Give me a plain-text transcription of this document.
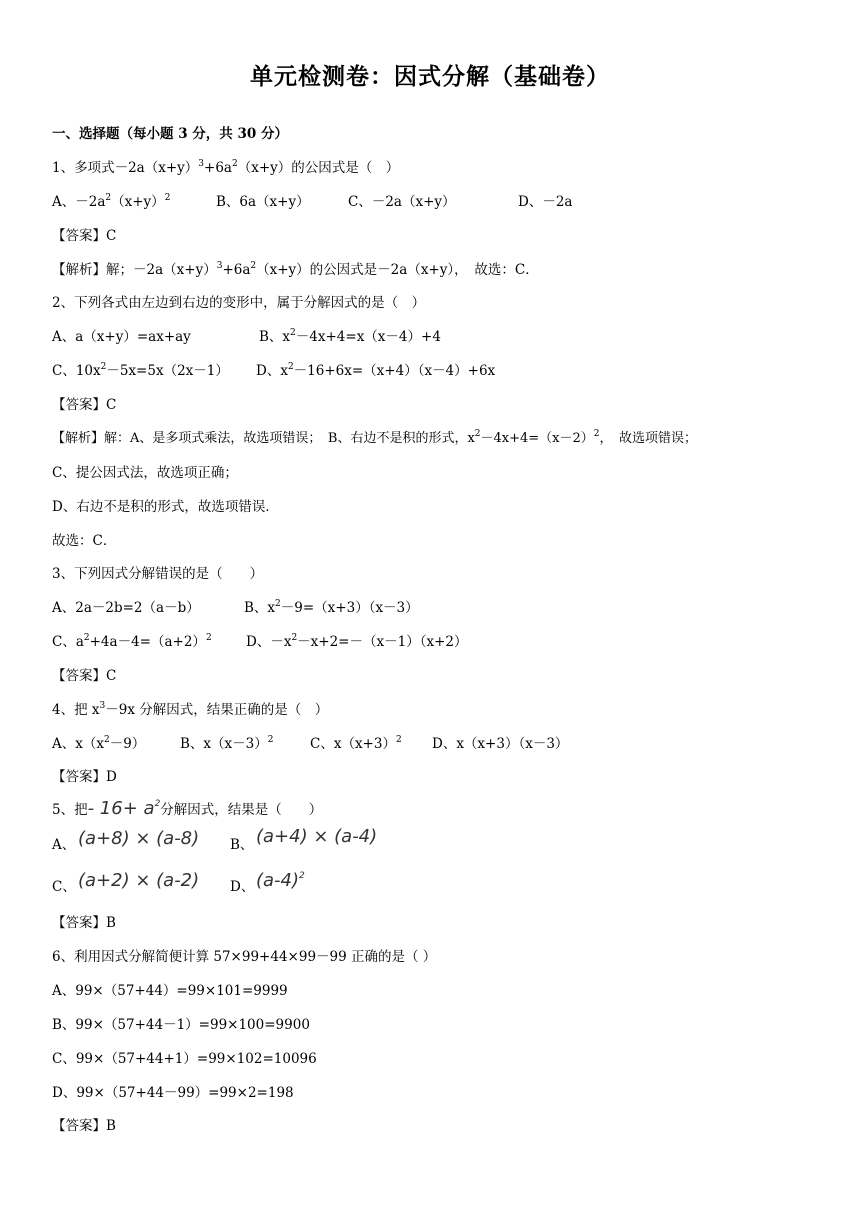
单元检测卷：因式分解（基础卷）
一、选择题（每小题 3 分，共 30 分）
1、多项式$-2a(x+y)^3+6a^2(x+y)$的公因式是（　）
A、$-2a^2(x+y)^2$	B、6a（x+y）	C、－2a（x+y）	D、－2a
【答案】C
【解析】解；$-2a(x+y)^3+6a^2(x+y)$的公因式是－2a（x+y），　故选：C．
2、下列各式由左边到右边的变形中，属于分解因式的是（　）
A、a（x+y）=ax+ay	B、$x^2-4x+4=x(x-4)+4$
C、$10x^2-5x=5x(2x-1)$ D、$x^2-16+6x=(x+4)(x-4)+6x$
【答案】C
【解析】解：A、是多项式乘法，故选项错误；　B、右边不是积的形式，$x^2-4x+4=(x-2)^2$，　故选项错误；
C、提公因式法，故选项正确；
D、右边不是积的形式，故选项错误．
故选：C．
3、下列因式分解错误的是（　　）
A、2a－2b=2（a－b）	B、$x^2-9=(x+3)(x-3)$
C、$a^2+4a-4=(a+2)^2$	D、$-x^2-x+2=-(x-1)(x+2)$
【答案】C
4、把 $x^3-9x$ 分解因式，结果正确的是（　）
A、$x(x^2-9)$	B、$x(x-3)^2$	C、$x(x+3)^2$ D、x（x+3）（x－3）
【答案】D
5、把- $16+ a^2$分解因式，结果是（　　）
A、 (a+8) × (a-8) B、 (a+4) × (a-4)
C、 (a+2) × (a-2) D、 $(a-4)^2$
【答案】B
6、利用因式分解简便计算 57×99+44×99－99 正确的是（ ）
A、99×（57+44）=99×101=9999
B、99×（57+44－1）=99×100=9900
C、99×（57+44+1）=99×102=10096
D、99×（57+44－99）=99×2=198
【答案】B
